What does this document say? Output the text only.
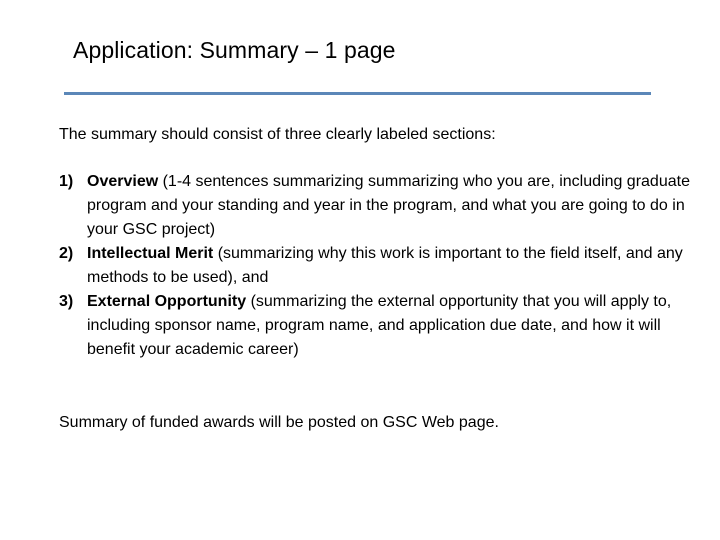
Application: Summary – 1 page
The summary should consist of three clearly labeled sections:
1) Overview (1-4 sentences summarizing summarizing who you are, including graduate program and your standing and year in the program, and what you are going to do in your GSC project)
2) Intellectual Merit (summarizing why this work is important to the field itself, and any methods to be used), and
3) External Opportunity (summarizing the external opportunity that you will apply to, including sponsor name, program name, and application due date, and how it will benefit your academic career)
Summary of funded awards will be posted on GSC Web page.
